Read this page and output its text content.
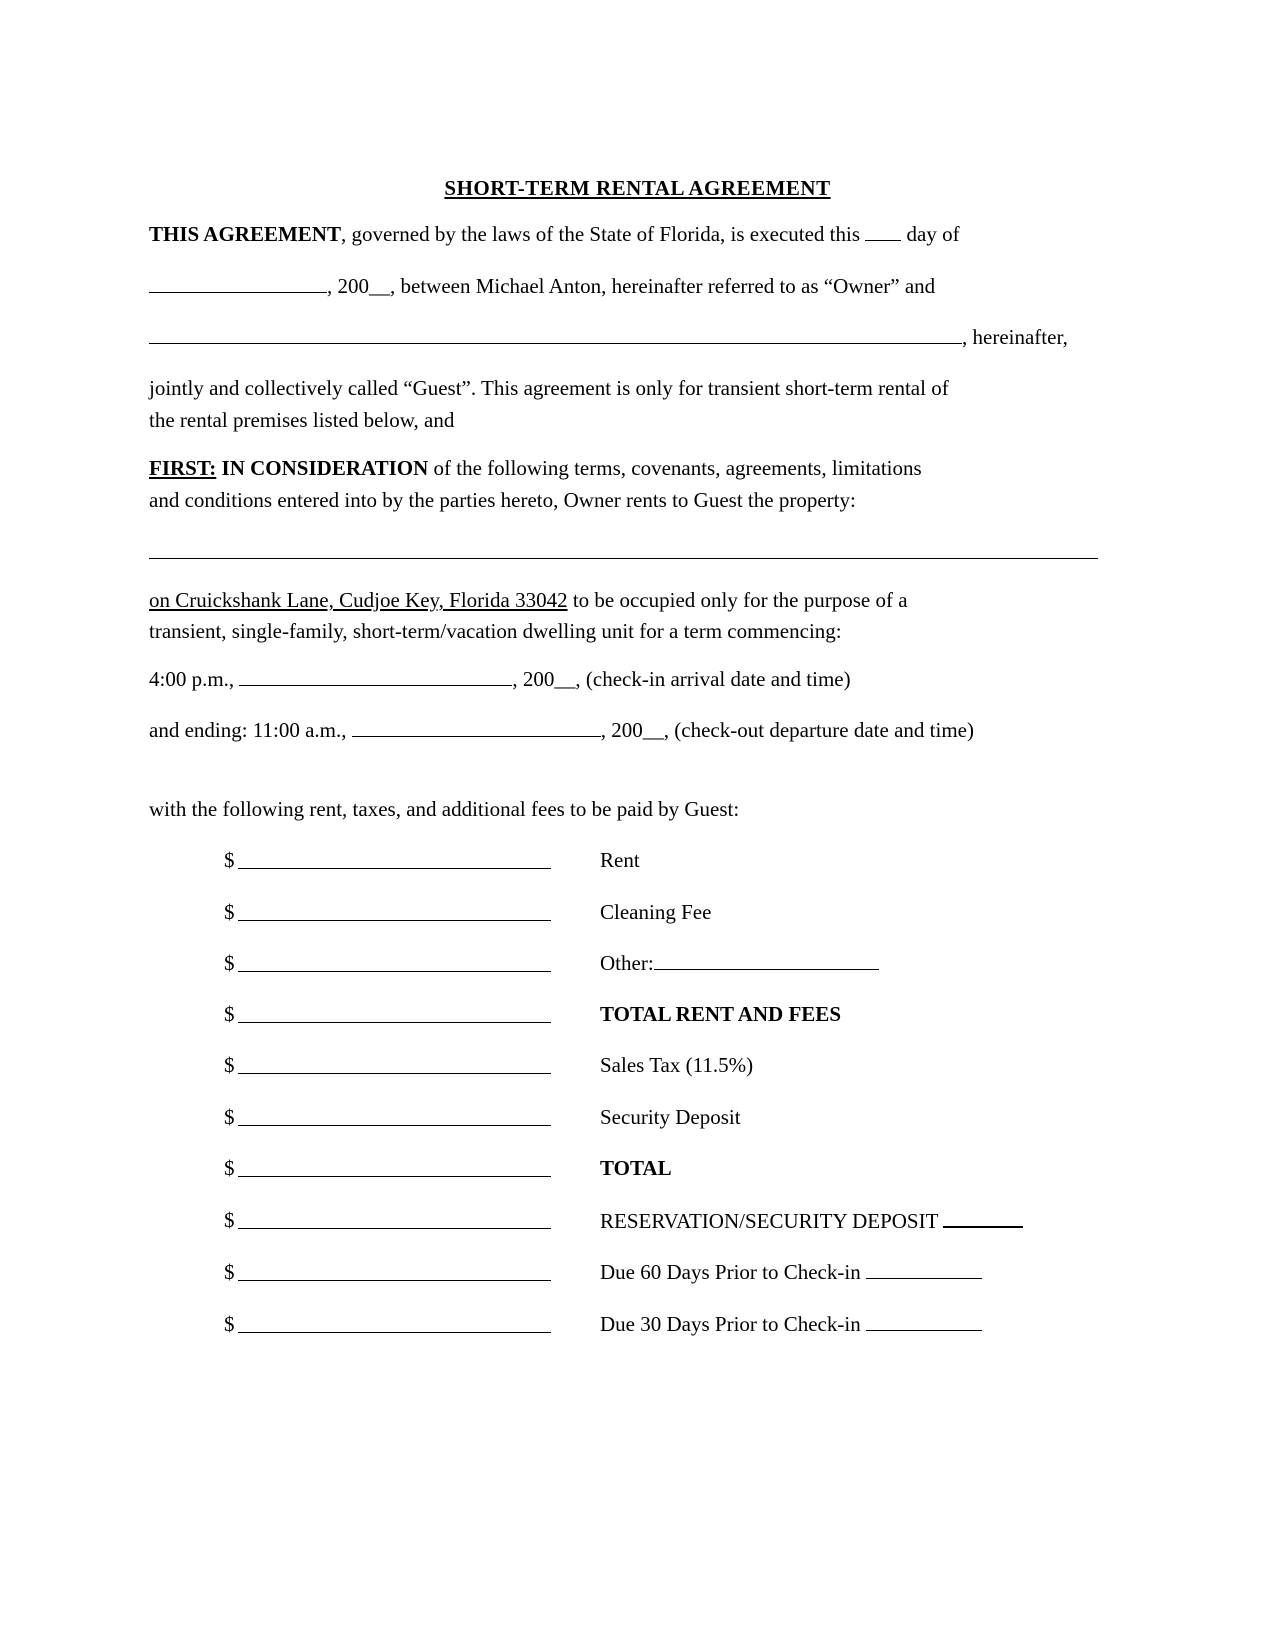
SHORT-TERM RENTAL AGREEMENT
THIS AGREEMENT, governed by the laws of the State of Florida, is executed this day of
, 200__, between Michael Anton, hereinafter referred to as “Owner” and
, hereinafter,
jointly and collectively called “Guest”. This agreement is only for transient short-term rental of
the rental premises listed below, and
FIRST: IN CONSIDERATION of the following terms, covenants, agreements, limitations
and conditions entered into by the parties hereto, Owner rents to Guest the property:
on Cruickshank Lane, Cudjoe Key, Florida 33042 to be occupied only for the purpose of a
transient, single-family, short-term/vacation dwelling unit for a term commencing:
4:00 p.m.,	, 200__, (check-in arrival date and time)
and ending: 11:00 a.m.,	, 200__, (check-out departure date and time)
with the following rent, taxes, and additional fees to be paid by Guest:
$	Rent
$	Cleaning Fee
$	Other:
$	TOTAL RENT AND FEES
$	Sales Tax (11.5%)
$	Security Deposit
$	TOTAL
$	RESERVATION/SECURITY DEPOSIT
$	Due 60 Days Prior to Check-in
$	Due 30 Days Prior to Check-in
